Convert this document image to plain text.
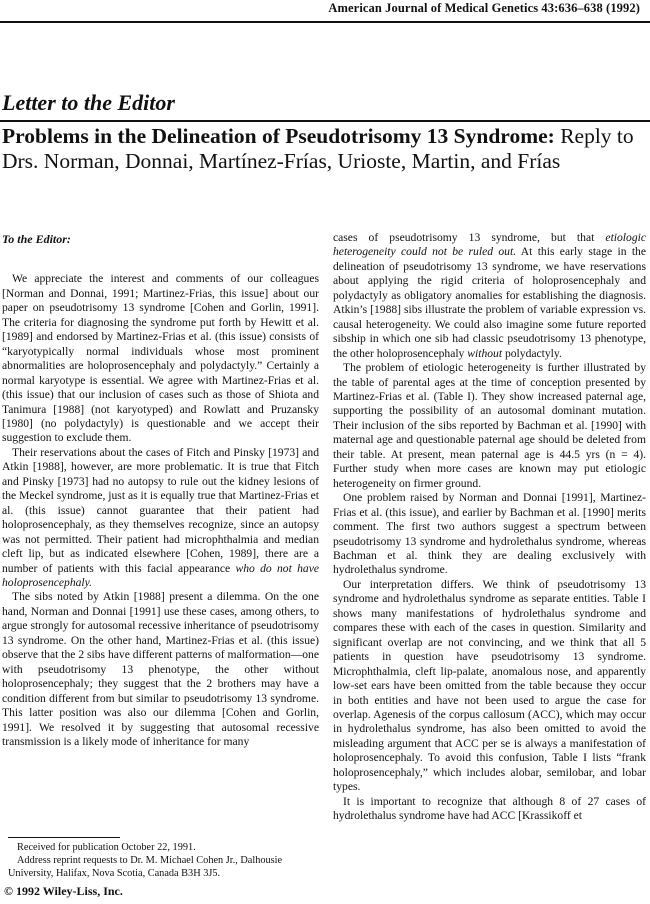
American Journal of Medical Genetics 43:636–638 (1992)
Letter to the Editor
Problems in the Delineation of Pseudotrisomy 13 Syndrome: Reply to Drs. Norman, Donnai, Martínez-Frías, Urioste, Martin, and Frías

To the Editor:

We appreciate the interest and comments of our colleagues [Norman and Donnai, 1991; Martinez-Frias, this issue] about our paper on pseudotrisomy 13 syndrome [Cohen and Gorlin, 1991]. The criteria for diagnosing the syndrome put forth by Hewitt et al. [1989] and endorsed by Martinez-Frias et al. (this issue) consists of “karyotypically normal individuals whose most prominent abnormalities are holoprosencephaly and polydactyly.” Certainly a normal karyotype is essential. We agree with Martinez-Frias et al. (this issue) that our inclusion of cases such as those of Shiota and Tanimura [1988] (not karyotyped) and Rowlatt and Pruzansky [1980] (no polydactyly) is questionable and we accept their suggestion to exclude them.

Their reservations about the cases of Fitch and Pinsky [1973] and Atkin [1988], however, are more problematic. It is true that Fitch and Pinsky [1973] had no autopsy to rule out the kidney lesions of the Meckel syndrome, just as it is equally true that Martinez-Frias et al. (this issue) cannot guarantee that their patient had holoprosencephaly, as they themselves recognize, since an autopsy was not permitted. Their patient had microphthalmia and median cleft lip, but as indicated elsewhere [Cohen, 1989], there are a number of patients with this facial appearance who do not have holoprosencephaly.

The sibs noted by Atkin [1988] present a dilemma. On the one hand, Norman and Donnai [1991] use these cases, among others, to argue strongly for autosomal recessive inheritance of pseudotrisomy 13 syndrome. On the other hand, Martinez-Frias et al. (this issue) observe that the 2 sibs have different patterns of malformation—one with pseudotrisomy 13 phenotype, the other without holoprosencephaly; they suggest that the 2 brothers may have a condition different from but similar to pseudotrisomy 13 syndrome. This latter position was also our dilemma [Cohen and Gorlin, 1991]. We resolved it by suggesting that autosomal recessive transmission is a likely mode of inheritance for many

cases of pseudotrisomy 13 syndrome, but that etiologic heterogeneity could not be ruled out. At this early stage in the delineation of pseudotrisomy 13 syndrome, we have reservations about applying the rigid criteria of holoprosencephaly and polydactyly as obligatory anomalies for establishing the diagnosis. Atkin’s [1988] sibs illustrate the problem of variable expression vs. causal heterogeneity. We could also imagine some future reported sibship in which one sib had classic pseudotrisomy 13 phenotype, the other holoprosencephaly without polydactyly.

The problem of etiologic heterogeneity is further illustrated by the table of parental ages at the time of conception presented by Martinez-Frias et al. (Table I). They show increased paternal age, supporting the possibility of an autosomal dominant mutation. Their inclusion of the sibs reported by Bachman et al. [1990] with maternal age and questionable paternal age should be deleted from their table. At present, mean paternal age is 44.5 yrs (n = 4). Further study when more cases are known may put etiologic heterogeneity on firmer ground.

One problem raised by Norman and Donnai [1991], Martinez-Frias et al. (this issue), and earlier by Bachman et al. [1990] merits comment. The first two authors suggest a spectrum between pseudotrisomy 13 syndrome and hydrolethalus syndrome, whereas Bachman et al. think they are dealing exclusively with hydrolethalus syndrome.

Our interpretation differs. We think of pseudotrisomy 13 syndrome and hydrolethalus syndrome as separate entities. Table I shows many manifestations of hydrolethalus syndrome and compares these with each of the cases in question. Similarity and significant overlap are not convincing, and we think that all 5 patients in question have pseudotrisomy 13 syndrome. Microphthalmia, cleft lip-palate, anomalous nose, and apparently low-set ears have been omitted from the table because they occur in both entities and have not been used to argue the case for overlap. Agenesis of the corpus callosum (ACC), which may occur in hydrolethalus syndrome, has also been omitted to avoid the misleading argument that ACC per se is always a manifestation of holoprosencephaly. To avoid this confusion, Table I lists “frank holoprosencephaly,” which includes alobar, semilobar, and lobar types.

It is important to recognize that although 8 of 27 cases of hydrolethalus syndrome have had ACC [Krassikoff et

Received for publication October 22, 1991.

Address reprint requests to Dr. M. Michael Cohen Jr., Dalhousie University, Halifax, Nova Scotia, Canada B3H 3J5.

© 1992 Wiley-Liss, Inc.
